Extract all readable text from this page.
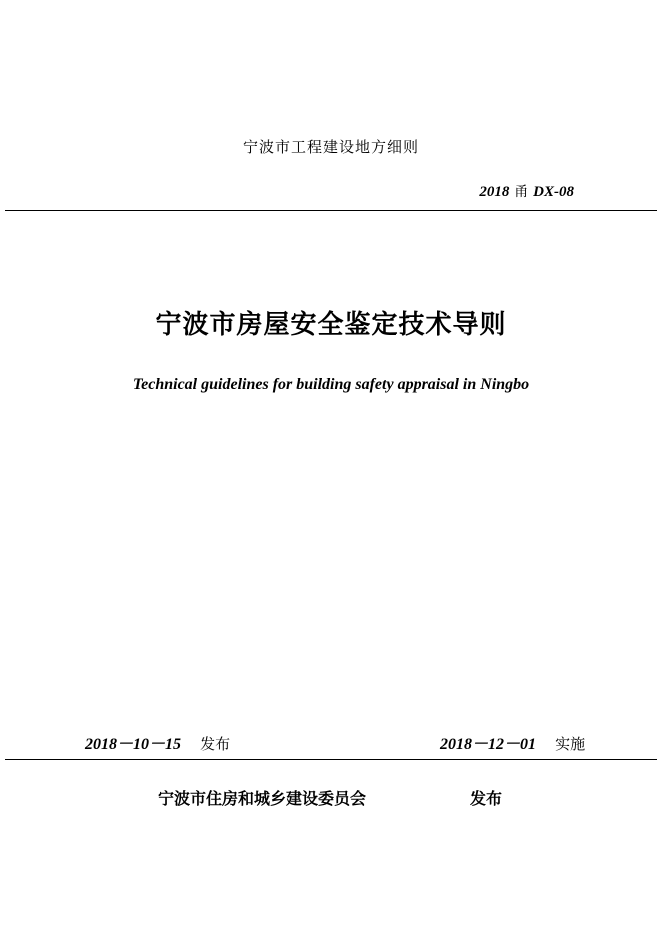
宁波市工程建设地方细则
2018 甬 DX-08
宁波市房屋安全鉴定技术导则
Technical guidelines for building safety appraisal in Ningbo
2018－10－15 发布	2018－12－01 实施
宁波市住房和城乡建设委员会	发布
